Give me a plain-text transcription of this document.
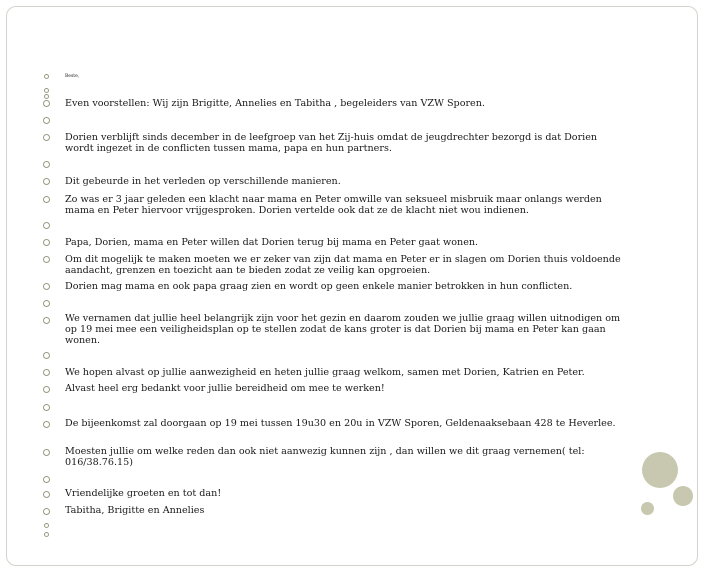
Beste,
Even voorstellen: Wij zijn Brigitte, Annelies en Tabitha , begeleiders van VZW Sporen.
Dorien verblijft sinds december in de leefgroep van het Zij-huis omdat de jeugdrechter bezorgd is dat Dorien wordt ingezet in de conflicten tussen mama, papa en hun partners.
Dit gebeurde in het verleden op verschillende manieren.
Zo was er 3 jaar geleden een klacht naar mama en Peter omwille van seksueel misbruik maar onlangs werden mama en Peter hiervoor vrijgesproken. Dorien vertelde ook dat ze de klacht niet wou indienen.
Papa, Dorien, mama en Peter willen dat Dorien terug bij mama en Peter gaat wonen.
Om dit mogelijk te maken moeten we er zeker van zijn dat mama en Peter er in slagen om Dorien thuis voldoende aandacht, grenzen en toezicht aan te bieden zodat ze veilig kan opgroeien.
Dorien mag mama en ook papa graag zien en wordt op geen enkele manier betrokken in hun conflicten.
We vernamen dat jullie heel belangrijk zijn voor het gezin en daarom zouden we jullie graag willen uitnodigen om op 19 mei mee een veiligheidsplan op te stellen zodat de kans groter is dat Dorien bij mama en Peter kan gaan wonen.
We hopen alvast op jullie aanwezigheid en heten jullie graag welkom, samen met Dorien, Katrien en Peter.
Alvast heel erg bedankt voor jullie bereidheid om mee te werken!
De bijeenkomst zal doorgaan op 19 mei tussen 19u30 en 20u in VZW Sporen, Geldenaaksebaan 428 te Heverlee.
Moesten jullie om welke reden dan ook niet aanwezig kunnen zijn , dan willen we dit graag vernemen( tel: 016/38.76.15)
Vriendelijke groeten en tot dan!
Tabitha, Brigitte en Annelies
